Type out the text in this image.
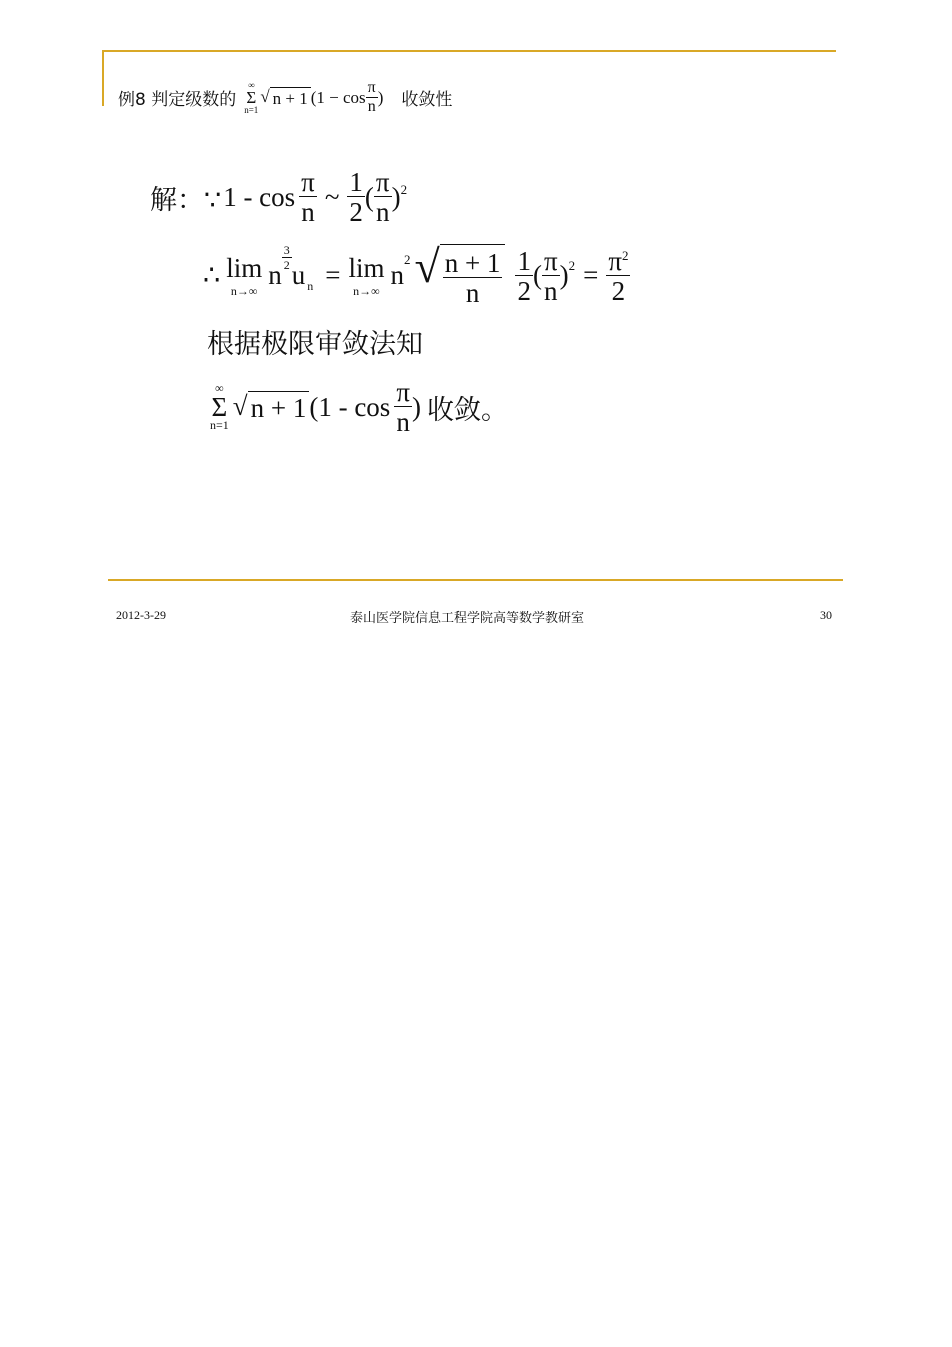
例8 判定级数的
∞
Σ
n=1
√ n + 1 ($1 - \cos \frac{\pi}{n}$ ) 收敛性
解：∵ $1 - \cos \frac{\pi}{n}$ ~ $\frac{1}{2}$ ( $\frac{\pi}{n}$ ) 2
∴ lim
n→∞
n
$\frac{3}{2}$
u n = lim
n→∞
n
2 √ $\frac{n + 1}{n} \frac{1}{2}$ ( $\frac{\pi}{n}$ ) $2 = \frac{\pi^2}{2}$
根据极限审敛法知
∞
Σ
n=1
√ n + 1 ($1 - \cos \frac{\pi}{n}$ ) 收敛。
2012-3-29	泰山医学院信息工程学院高等数学教研室	30
